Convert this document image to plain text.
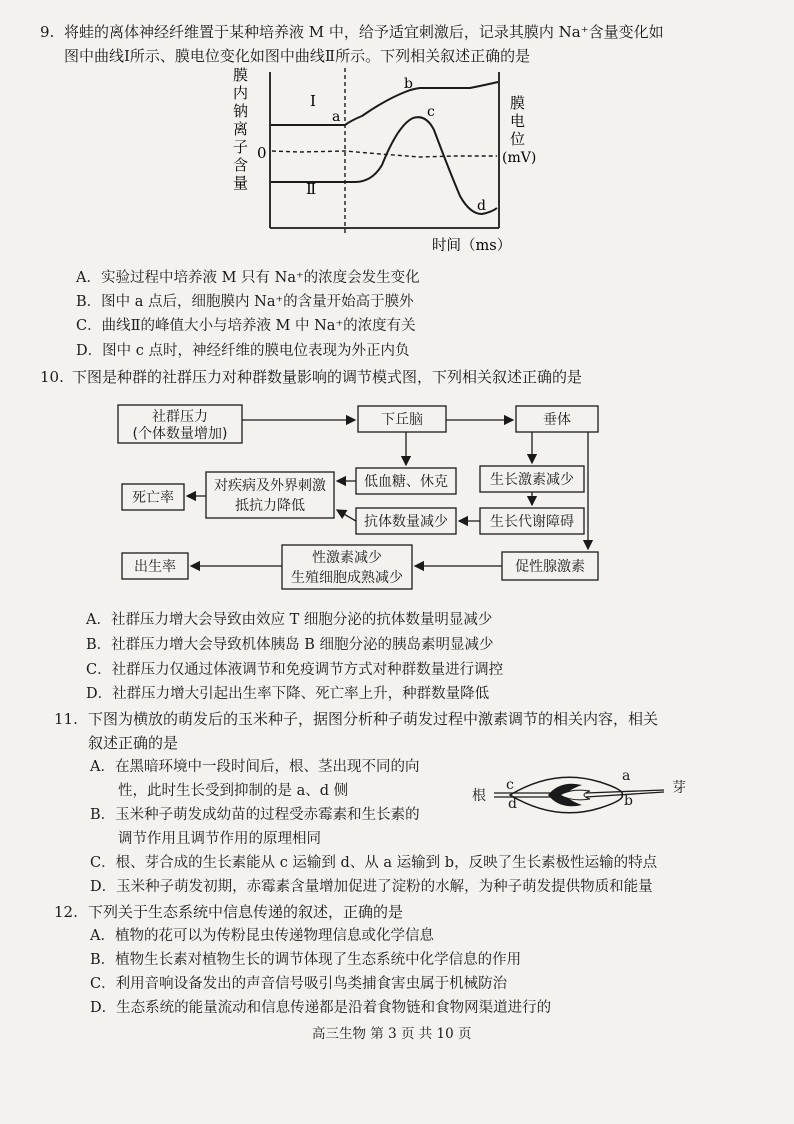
9. 将蛙的离体神经纤维置于某种培养液 M 中，给予适宜刺激后，记录其膜内 Na⁺含量变化如
图中曲线Ⅰ所示、膜电位变化如图中曲线Ⅱ所示。下列相关叙述正确的是
膜
内
钠
离
子
含
量
0
膜
电
位
(mV)
时间（ms）
Ⅰ
Ⅱ
a
b
c
d
A．实验过程中培养液 M 只有 Na⁺的浓度会发生变化
B．图中 a 点后，细胞膜内 Na⁺的含量开始高于膜外
C．曲线Ⅱ的峰值大小与培养液 M 中 Na⁺的浓度有关
D．图中 c 点时，神经纤维的膜电位表现为外正内负
10. 下图是种群的社群压力对种群数量影响的调节模式图，下列相关叙述正确的是
社群压力
(个体数量增加)
下丘脑	垂体
低血糖、休克	生长激素减少
对疾病及外界刺激
抵抗力降低
死亡率
抗体数量减少	生长代谢障碍
性激素减少
生殖细胞成熟减少
促性腺激素
出生率
A．社群压力增大会导致由效应 T 细胞分泌的抗体数量明显减少
B．社群压力增大会导致机体胰岛 B 细胞分泌的胰岛素明显减少
C．社群压力仅通过体液调节和免疫调节方式对种群数量进行调控
D．社群压力增大引起出生率下降、死亡率上升，种群数量降低
11. 下图为横放的萌发后的玉米种子，据图分析种子萌发过程中激素调节的相关内容，相关
叙述正确的是
A．在黑暗环境中一段时间后，根、茎出现不同的向
性，此时生长受到抑制的是 a、d 侧
B．玉米种子萌发成幼苗的过程受赤霉素和生长素的
调节作用且调节作用的原理相同
C．根、芽合成的生长素能从 c 运输到 d、从 a 运输到 b，反映了生长素极性运输的特点
D．玉米种子萌发初期，赤霉素含量增加促进了淀粉的水解，为种子萌发提供物质和能量
根	芽
c
d
a
b
12. 下列关于生态系统中信息传递的叙述，正确的是
A．植物的花可以为传粉昆虫传递物理信息或化学信息
B．植物生长素对植物生长的调节体现了生态系统中化学信息的作用
C．利用音响设备发出的声音信号吸引鸟类捕食害虫属于机械防治
D．生态系统的能量流动和信息传递都是沿着食物链和食物网渠道进行的
高三生物 第 3 页 共 10 页
